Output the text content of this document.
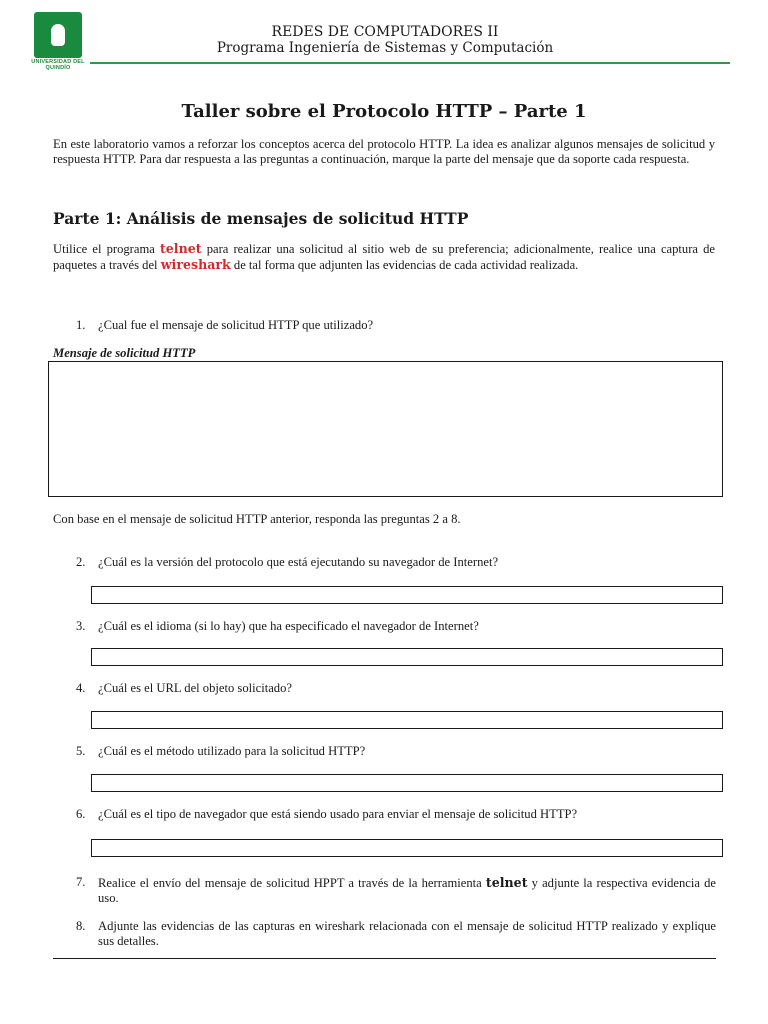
UNIVERSIDAD DEL QUINDÍO
REDES DE COMPUTADORES II
Programa Ingeniería de Sistemas y Computación
Taller sobre el Protocolo HTTP – Parte 1
En este laboratorio vamos a reforzar los conceptos acerca del protocolo HTTP. La idea es analizar algunos mensajes de solicitud y respuesta HTTP. Para dar respuesta a las preguntas a continuación, marque la parte del mensaje que da soporte cada respuesta.
Parte 1: Análisis de mensajes de solicitud HTTP
Utilice el programa telnet para realizar una solicitud al sitio web de su preferencia; adicionalmente, realice una captura de paquetes a través del wireshark de tal forma que adjunten las evidencias de cada actividad realizada.
1. ¿Cual fue el mensaje de solicitud HTTP que utilizado?
Mensaje de solicitud HTTP
Con base en el mensaje de solicitud HTTP anterior, responda las preguntas 2 a 8.
2. ¿Cuál es la versión del protocolo que está ejecutando su navegador de Internet?
3. ¿Cuál es el idioma (si lo hay) que ha especificado el navegador de Internet?
4. ¿Cuál es el URL del objeto solicitado?
5. ¿Cuál es el método utilizado para la solicitud HTTP?
6. ¿Cuál es el tipo de navegador que está siendo usado para enviar el mensaje de solicitud HTTP?
7. Realice el envío del mensaje de solicitud HPPT a través de la herramienta telnet y adjunte la respectiva evidencia de uso.
8. Adjunte las evidencias de las capturas en wireshark relacionada con el mensaje de solicitud HTTP realizado y explique sus detalles.
